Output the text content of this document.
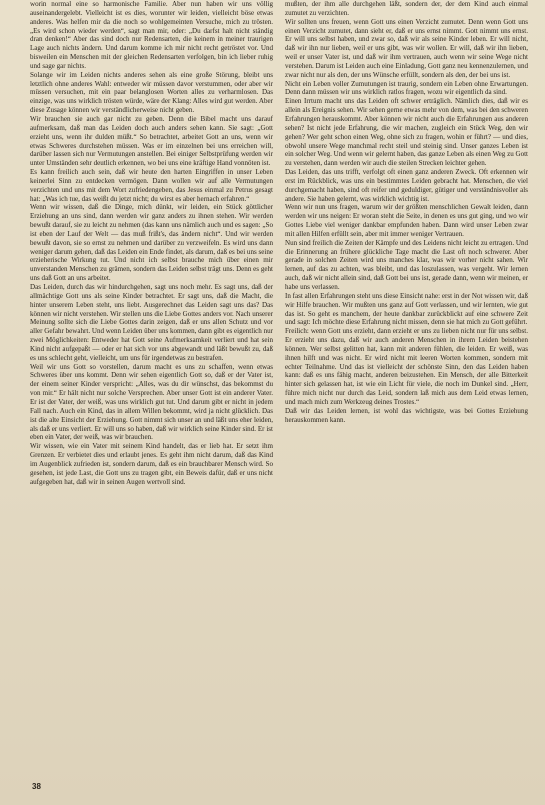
worin normal eine so harmonische Familie. Aber nun haben wir uns völlig auseinandergelebt. Vielleicht ist es dies, worunter wir leiden, vielleicht böse etwas anderes. Was helfen mir da die noch so wohlgemeinten Versuche, mich zu trösten. „Es wird schon wieder werden“, sagt man mir, oder: „Du darfst halt nicht ständig dran denken!“ Aber das sind doch nur Redensarten, die keinem in meiner traurigen Lage auch nichts ändern. Und darum komme ich mir nicht recht getröstet vor. Und bisweilen ein Menschen mit der gleichen Redensarten verfolgen, bin ich lieber ruhig und sage gar nichts.

Solange wir im Leiden nichts anderes sehen als eine große Störung, bleibt uns letztlich ohne anderes Wahl: entweder wir müssen davor verstummen, oder aber wir müssen versuchen, mit ein paar belanglosen Worten alles zu verharmlosen. Das einzige, was uns wirklich trösten würde, wäre der Klang: Alles wird gut werden. Aber diese Zusage können wir verständlicherweise nicht geben.

Wir brauchen sie auch gar nicht zu geben. Denn die Bibel macht uns darauf aufmerksam, daß man das Leiden doch auch anders sehen kann. Sie sagt: „Gott erzieht uns, wenn ihr dulden müßt.“ So betrachtet, arbeitet Gott an uns, wenn wir etwas Schweres durchstehen müssen. Was er im einzelnen bei uns erreichen will, darüber lassen sich nur Vermutungen anstellen. Bei einiger Selbstprüfung werden wir unter Umständen sehr deutlich erkennen, wo bei uns eine kräftige Hand vonnöten ist.

Es kann freilich auch sein, daß wir heute den harten Eingriffen in unser Leben keinerlei Sinn zu entdecken vermögen. Dann wollen wir auf alle Vermutungen verzichten und uns mit dem Wort zufriedengeben, das Jesus einmal zu Petrus gesagt hat: „Was ich tue, das weißt du jetzt nicht; du wirst es aber hernach erfahren.“

Wenn wir wissen, daß die Dinge, mich dünkt, wir leiden, ein Stück göttlicher Erziehung an uns sind, dann werden wir ganz anders zu ihnen stehen. Wir werden bewußt darauf, sie zu leicht zu nehmen (das kann uns nämlich auch und es sagen: „So ist eben der Lauf der Welt — das muß frißt's, das ändern nicht“. Und wir werden bewußt davon, sie so ernst zu nehmen und darüber zu verzweifeln. Es wird uns dann weniger darum gehen, daß das Leiden ein Ende findet, als darum, daß es bei uns seine erzieherische Wirkung tut. Und nicht ich selbst brauche mich über einen mir unverstanden Menschen zu grämen, sondern das Leiden selbst trägt uns. Denn es geht uns daß Gott an uns arbeitet.

Das Leiden, durch das wir hindurchgehen, sagt uns noch mehr. Es sagt uns, daß der allmächtige Gott uns als seine Kinder betrachtet. Er sagt uns, daß die Macht, die hinter unserem Leben steht, uns liebt. Ausgerechnet das Leiden sagt uns das? Das können wir nicht verstehen. Wir stellen uns die Liebe Gottes anders vor. Nach unserer Meinung sollte sich die Liebe Gottes darin zeigen, daß er uns allen Schutz und vor aller Gefahr bewahrt. Und wenn Leiden über uns kommen, dann gibt es eigentlich nur zwei Möglichkeiten: Entweder hat Gott seine Aufmerksamkeit verliert und hat sein Kind nicht aufgepaßt — oder er hat sich vor uns abgewandt und läßt bewußt zu, daß es uns schlecht geht, vielleicht, um uns für irgendetwas zu bestrafen.

Weil wir uns Gott so vorstellen, darum macht es uns zu schaffen, wenn etwas Schweres über uns kommt. Denn wir sehen eigentlich Gott so, daß er der Vater ist, der einem seiner Kinder verspricht: „Alles, was du dir wünschst, das bekommst du von mir.“ Er hält nicht nur solche Versprechen. Aber unser Gott ist ein anderer Vater. Er ist der Vater, der weiß, was uns wirklich gut tut. Und darum gibt er nicht in jedem Fall nach. Auch ein Kind, das in allem Willen bekommt, wird ja nicht glücklich. Das ist die alte Einsicht der Erziehung. Gott nimmt sich unser an und läßt uns eher leiden, als daß er uns verliert. Er will uns so haben, daß wir wirklich seine Kinder sind. Er ist eben ein Vater, der weiß, was wir brauchen.

Wir wissen, wie ein Vater mit seinem Kind handelt, das er lieb hat. Er setzt ihm Grenzen. Er verbietet dies und erlaubt jenes. Es geht ihm nicht darum, daß das Kind im Augenblick zufrieden ist, sondern darum, daß es ein brauchbarer Mensch wird. So gesehen, ist jede Last, die Gott uns zu tragen gibt, ein Beweis dafür, daß er uns nicht aufgegeben hat, daß wir in seinen Augen wertvoll sind.

mußten, der ihm alle durchgehen läßt, sondern der, der dem Kind auch einmal zumutet zu verzichten.

Wir sollten uns freuen, wenn Gott uns einen Verzicht zumutet. Denn wenn Gott uns einen Verzicht zumutet, dann sieht er, daß er uns ernst nimmt. Gott nimmt uns ernst. Er will uns selbst haben, und zwar so, daß wir als seine Kinder leben. Er will nicht, daß wir ihn nur lieben, weil er uns gibt, was wir wollen. Er will, daß wir ihn lieben, weil er unser Vater ist, und daß wir ihm vertrauen, auch wenn wir seine Wege nicht verstehen. Darum ist Leiden auch eine Einladung, Gott ganz neu kennenzulernen, und zwar nicht nur als den, der uns Wünsche erfüllt, sondern als den, der bei uns ist.

Nicht ein Leben voller Zumutungen ist traurig, sondern ein Leben ohne Erwartungen. Denn dann müssen wir uns wirklich ratlos fragen, wozu wir eigentlich da sind.

Einen Irrtum macht uns das Leiden oft schwer erträglich. Nämlich dies, daß wir es allein als Ereignis sehen. Wir sehen gerne etwas mehr von dem, was bei den schweren Erfahrungen herauskommt. Aber können wir nicht auch die Erfahrungen aus anderen sehen? Ist nicht jede Erfahrung, die wir machen, zugleich ein Stück Weg, den wir gehen? Wer geht schon einen Weg, ohne sich zu fragen, wohin er führt? — und dies, obwohl unsere Wege manchmal recht steil und steinig sind. Unser ganzes Leben ist ein solcher Weg. Und wenn wir gelernt haben, das ganze Leben als einen Weg zu Gott zu verstehen, dann werden wir auch die steilen Strecken leichter gehen.

Das Leiden, das uns trifft, verfolgt oft einen ganz anderen Zweck. Oft erkennen wir erst im Rückblick, was uns ein bestimmtes Leiden gebracht hat. Menschen, die viel durchgemacht haben, sind oft reifer und geduldiger, gütiger und verständnisvoller als andere. Sie haben gelernt, was wirklich wichtig ist.

Wenn wir nun uns fragen, warum wir der größten menschlichen Gewalt leiden, dann werden wir uns neigen: Er woran steht die Seite, in denen es uns gut ging, und wo wir Gottes Liebe viel weniger dankbar empfunden haben. Dann wird unser Leben zwar mit allen Hilfen erfüllt sein, aber mit immer weniger Vertrauen.

Nun sind freilich die Zeiten der Kämpfe und des Leidens nicht leicht zu ertragen. Und die Erinnerung an frühere glückliche Tage macht die Last oft noch schwerer. Aber gerade in solchen Zeiten wird uns manches klar, was wir vorher nicht sahen. Wir lernen, auf das zu achten, was bleibt, und das loszulassen, was vergeht. Wir lernen auch, daß wir nicht allein sind, daß Gott bei uns ist, gerade dann, wenn wir meinen, er habe uns verlassen.

In fast allen Erfahrungen steht uns diese Einsicht nahe: erst in der Not wissen wir, daß wir Hilfe brauchen. Wir mußten uns ganz auf Gott verlassen, und wir lernten, wie gut das ist. So geht es manchem, der heute dankbar zurückblickt auf eine schwere Zeit und sagt: Ich möchte diese Erfahrung nicht missen, denn sie hat mich zu Gott geführt.

Freilich: wenn Gott uns erzieht, dann erzieht er uns zu lieben nicht nur für uns selbst. Er erzieht uns dazu, daß wir auch anderen Menschen in ihrem Leiden beistehen können. Wer selbst gelitten hat, kann mit anderen fühlen, die leiden. Er weiß, was ihnen hilft und was nicht. Er wird nicht mit leeren Worten kommen, sondern mit echter Teilnahme. Und das ist vielleicht der schönste Sinn, den das Leiden haben kann: daß es uns fähig macht, anderen beizustehen. Ein Mensch, der alle Bitterkeit hinter sich gelassen hat, ist wie ein Licht für viele, die noch im Dunkel sind. „Herr, führe mich nicht nur durch das Leid, sondern laß mich aus dem Leid etwas lernen, und mach mich zum Werkzeug deines Trostes.“

Daß wir das Leiden lernen, ist wohl das wichtigste, was bei Gottes Erziehung herauskommen kann.

38
